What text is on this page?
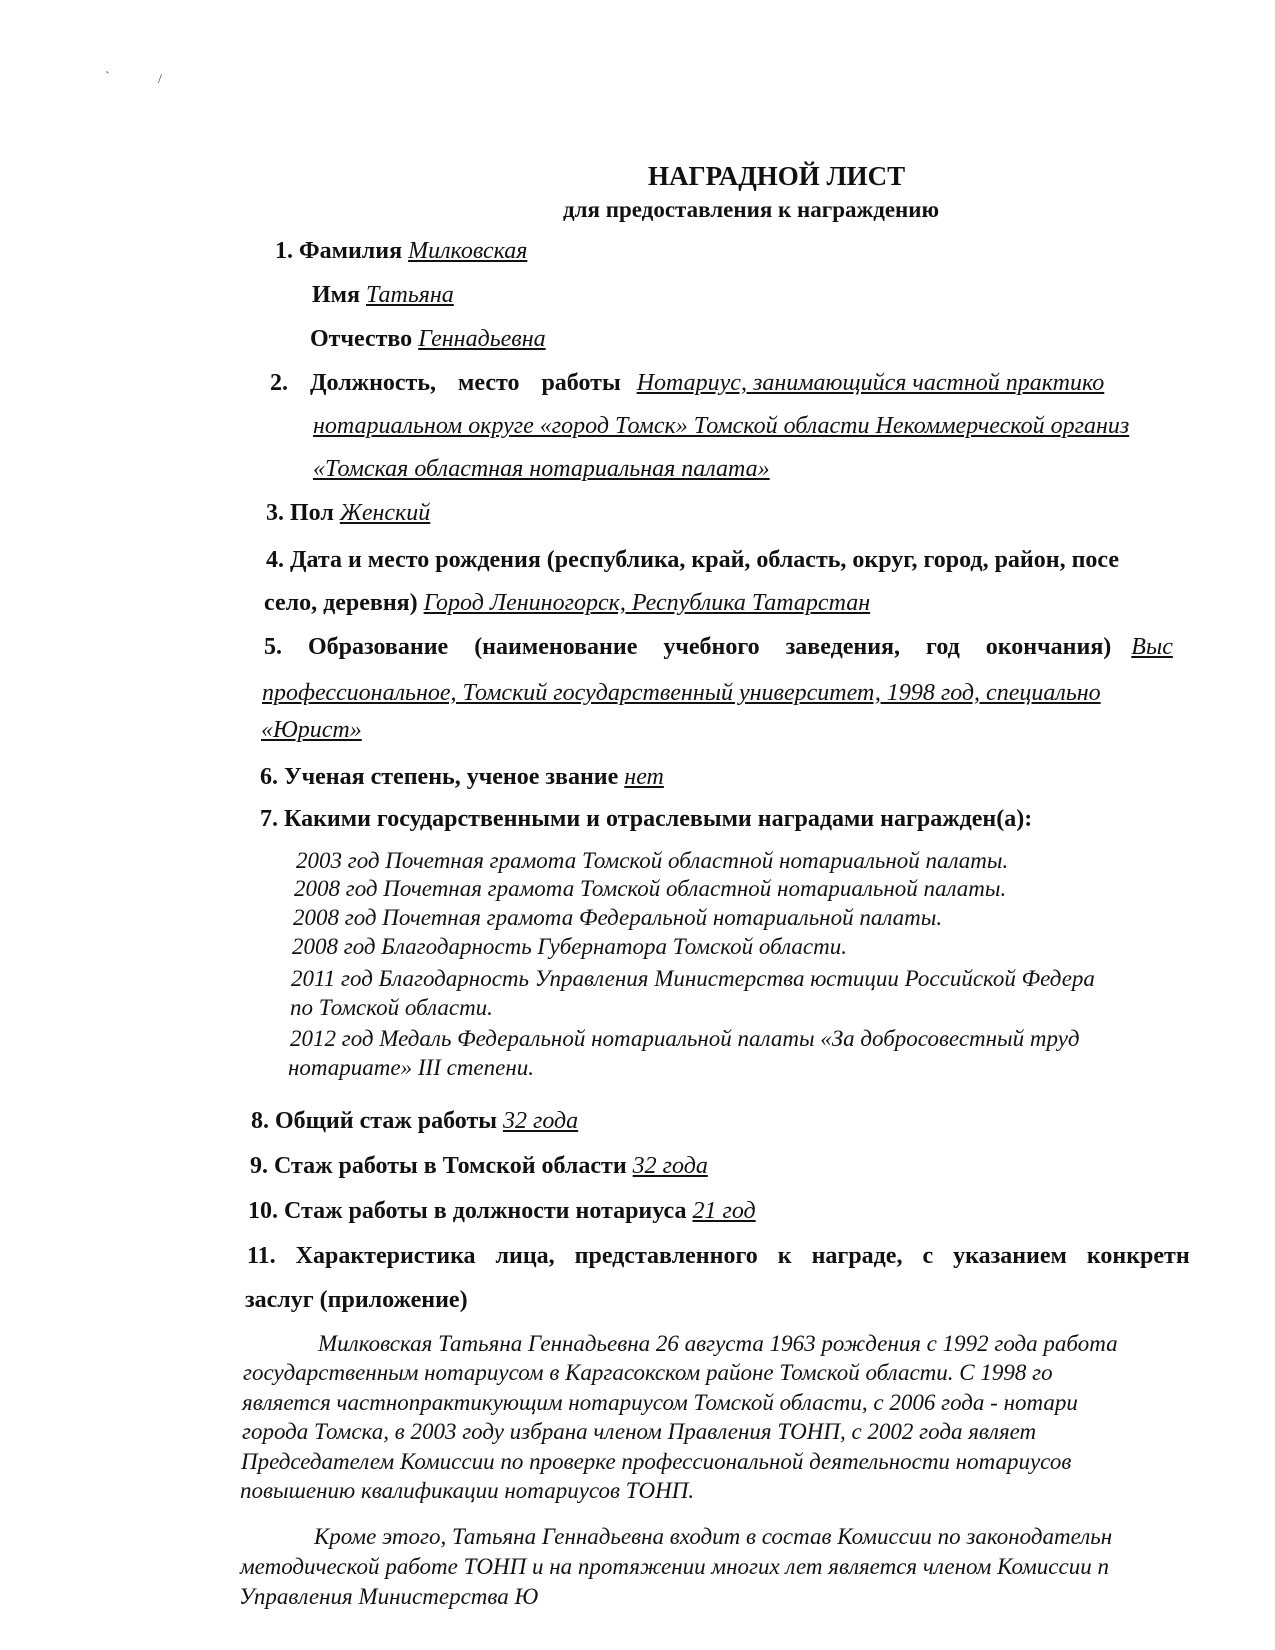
`	/
НАГРАДНОЙ ЛИСТ
для предоставления к награждению
1. Фамилия Милковская
Имя Татьяна
Отчество Геннадьевна
2. Должность, место работы Нотариус, занимающийся частной практико
нотариальном округе «город Томск» Томской области Некоммерческой организ
«Томская областная нотариальная палата»
3. Пол Женский
4. Дата и место рождения (республика, край, область, округ, город, район, посе
село, деревня) Город Лениногорск, Республика Татарстан
5. Образование (наименование учебного заведения, год окончания) Выс
профессиональное, Томский государственный университет, 1998 год, специально
«Юрист»
6. Ученая степень, ученое звание нет
7. Какими государственными и отраслевыми наградами награжден(а):
2003 год Почетная грамота Томской областной нотариальной палаты.
2008 год Почетная грамота Томской областной нотариальной палаты.
2008 год Почетная грамота Федеральной нотариальной палаты.
2008 год Благодарность Губернатора Томской области.
2011 год Благодарность Управления Министерства юстиции Российской Федера
по Томской области.
2012 год Медаль Федеральной нотариальной палаты «За добросовестный труд
нотариате» III степени.
8. Общий стаж работы 32 года
9. Стаж работы в Томской области 32 года
10. Стаж работы в должности нотариуса 21 год
11. Характеристика лица, представленного к награде, с указанием конкретн
заслуг (приложение)
Милковская Татьяна Геннадьевна 26 августа 1963 рождения с 1992 года работа
государственным нотариусом в Каргасокском районе Томской области. С 1998 го
является частнопрактикующим нотариусом Томской области, с 2006 года - нотари
города Томска, в 2003 году избрана членом Правления ТОНП, с 2002 года являет
Председателем Комиссии по проверке профессиональной деятельности нотариусов
повышению квалификации нотариусов ТОНП.
Кроме этого, Татьяна Геннадьевна входит в состав Комиссии по законодательн
методической работе ТОНП и на протяжении многих лет является членом Комиссии п
Управления Министерства Ю
